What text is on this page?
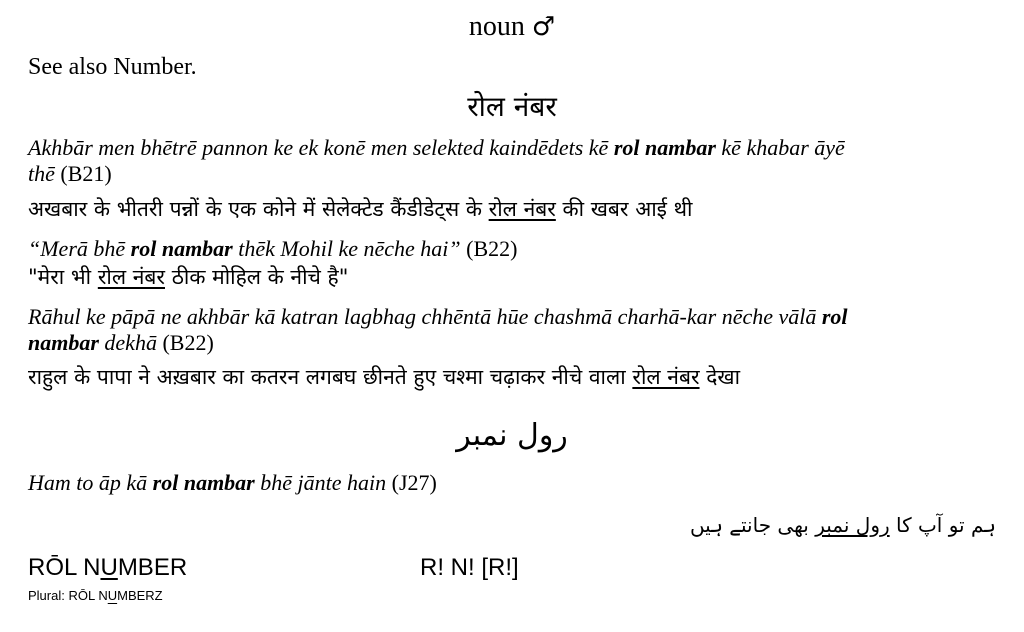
noun ♂
See also Number.
रोल नंबर
Akhbār men bhētrē pannon ke ek konē men selekted kaindēdets kē rol nambar kē khabar āyē
thē (B21)
अखबार के भीतरी पन्नों के एक कोने में सेलेक्टेड कैंडीडेट्स के रोल नंबर की खबर आई थी
“Merā bhē rol nambar thēk Mohil ke nēche hai” (B22)
"मेरा भी रोल नंबर ठीक मोहिल के नीचे है"
Rāhul ke pāpā ne akhbār kā katran lagbhag chhēntā hūe chashmā charhā-kar nēche vālā rol
nambar dekhā (B22)
राहुल के पापा ने अख़बार का कतरन लगबघ छीनते हुए चश्मा चढ़ाकर नीचे वाला रोल नंबर देखा
رول نمبر
Ham to āp kā rol nambar bhē jānte hain (J27)
ہم تو آپ کا رول نمبر بھی جانتے ہیں
RŌL NUMBER	R! N! [R!]
Plural: RŌL NUMBERZ
